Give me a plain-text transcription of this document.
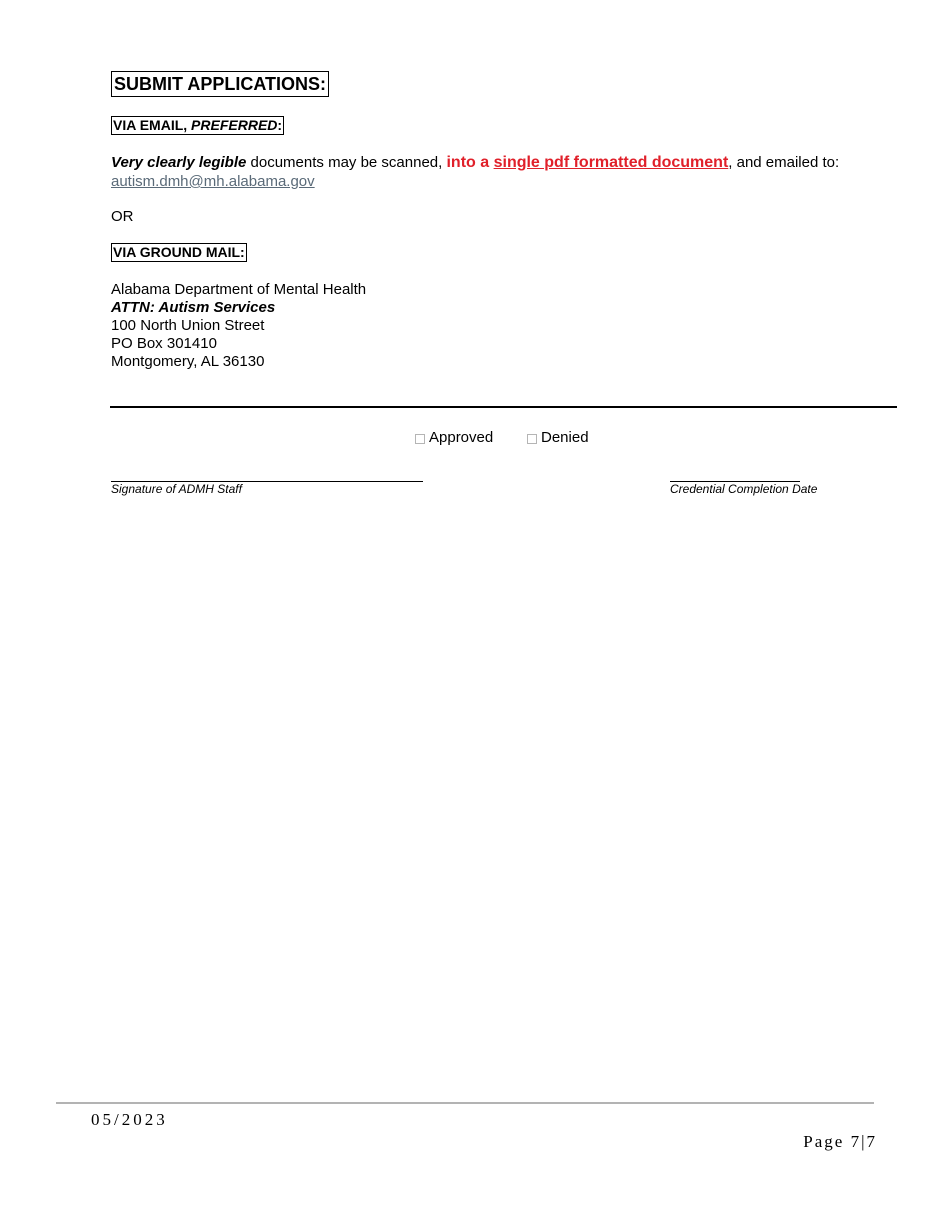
SUBMIT APPLICATIONS:
VIA EMAIL, PREFERRED:
Very clearly legible documents may be scanned, into a single pdf formatted document, and emailed to:
autism.dmh@mh.alabama.gov
OR
VIA GROUND MAIL:
Alabama Department of Mental Health
ATTN: Autism Services
100 North Union Street
PO Box 301410
Montgomery, AL 36130
Approved	Denied
Signature of ADMH Staff	Credential Completion Date
05/2023
Page 7|7
